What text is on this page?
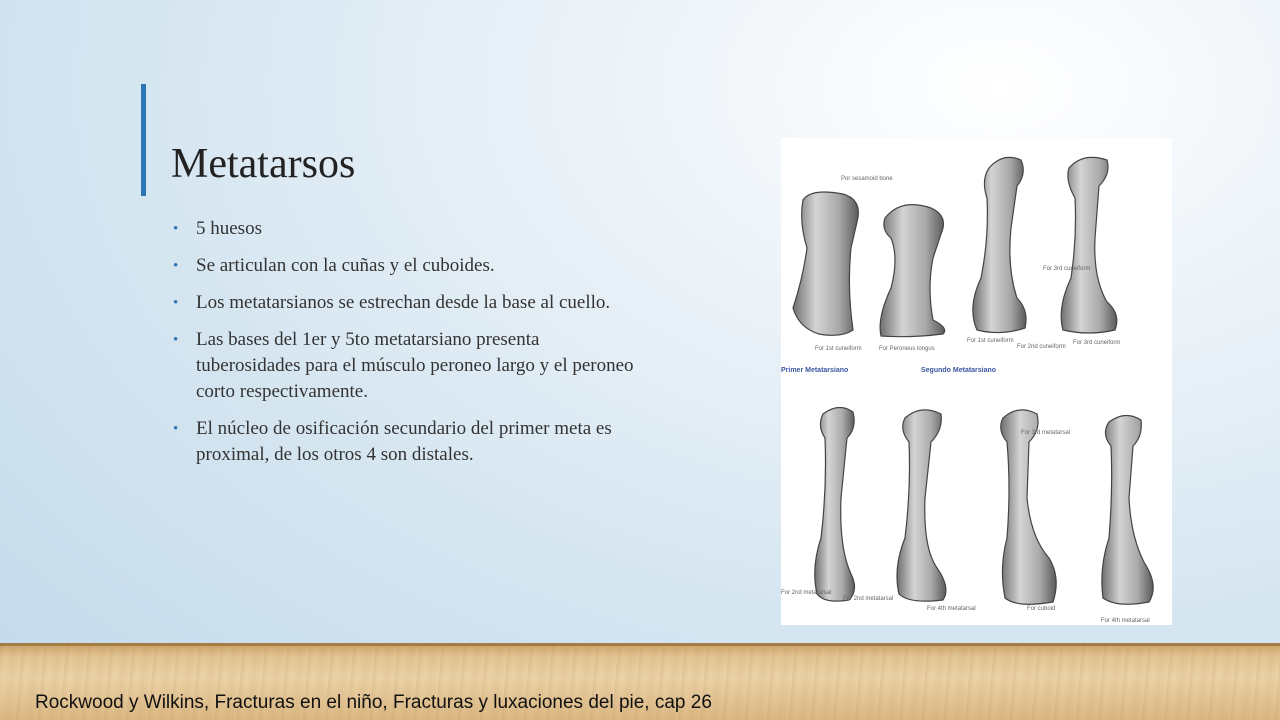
Metatarsos
• 5 huesos
• Se articulan con la cuñas y el cuboides.
• Los metatarsianos se estrechan desde la base al cuello.
• Las bases del 1er y 5to metatarsiano presenta tuberosidades para el músculo peroneo largo y el peroneo corto respectivamente.
• El núcleo de osificación secundario del primer meta es proximal, de los otros 4 son distales.
Por sesamoid bone
For 3rd cuneiform
For 1st cuneiform	For Peroneus longus
For 1st cuneiform
For 2nd cuneiform
For 3rd cuneiform
Primer Metatarsiano	Segundo Metatarsiano
For 3rd metatarsal
For 4th metatarsal
For 2nd metatarsal
For 2nd metatarsal
For cuboid
For 4th metatarsal
Rockwood y Wilkins, Fracturas en el niño, Fracturas y luxaciones del pie, cap 26
